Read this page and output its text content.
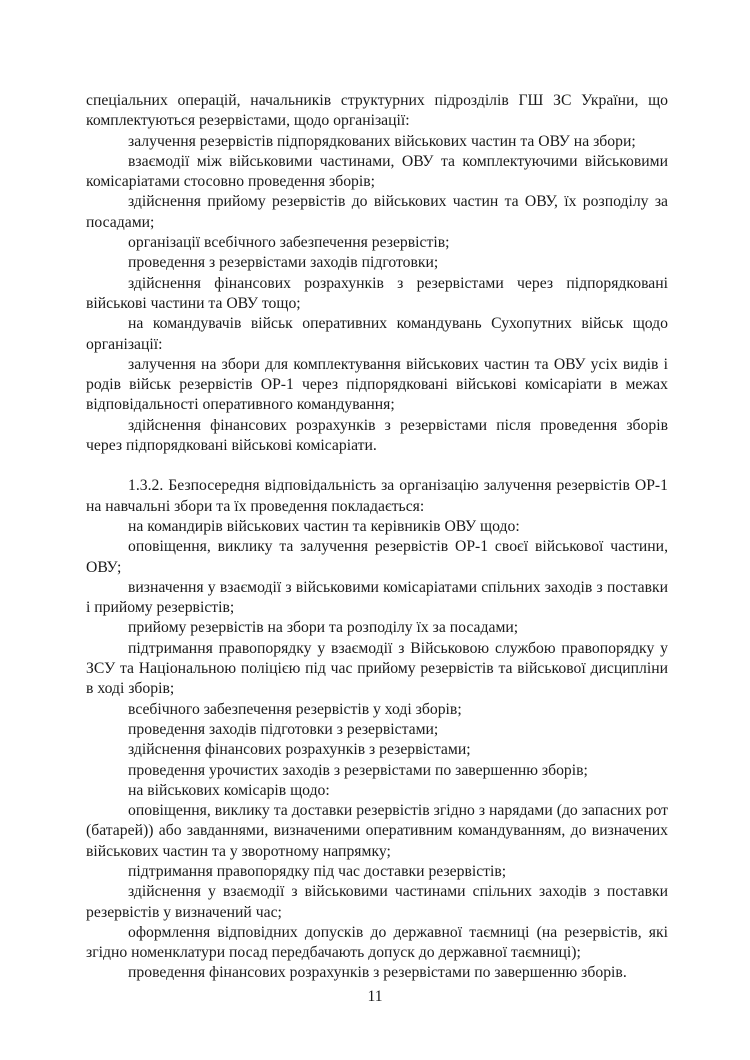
спеціальних операцій, начальників структурних підрозділів ГШ ЗС України, що комплектуються резервістами, щодо організації:

залучення резервістів підпорядкованих військових частин та ОВУ на збори;

взаємодії між військовими частинами, ОВУ та комплектуючими військовими комісаріатами стосовно проведення зборів;

здійснення прийому резервістів до військових частин та ОВУ, їх розподілу за посадами;

організації всебічного забезпечення резервістів;

проведення з резервістами заходів підготовки;

здійснення фінансових розрахунків з резервістами через підпорядковані військові частини та ОВУ тощо;

на командувачів військ оперативних командувань Сухопутних військ щодо організації:

залучення на збори для комплектування військових частин та ОВУ усіх видів і родів військ резервістів ОР-1 через підпорядковані військові комісаріати в межах відповідальності оперативного командування;

здійснення фінансових розрахунків з резервістами після проведення зборів через підпорядковані військові комісаріати.

1.3.2. Безпосередня відповідальність за організацію залучення резервістів ОР-1 на навчальні збори та їх проведення покладається:

на командирів військових частин та керівників ОВУ щодо:

оповіщення, виклику та залучення резервістів ОР-1 своєї військової частини, ОВУ;

визначення у взаємодії з військовими комісаріатами спільних заходів з поставки і прийому резервістів;

прийому резервістів на збори та розподілу їх за посадами;

підтримання правопорядку у взаємодії з Військовою службою правопорядку у ЗСУ та Національною поліцією під час прийому резервістів та військової дисципліни в ході зборів;

всебічного забезпечення резервістів у ході зборів;

проведення заходів підготовки з резервістами;

здійснення фінансових розрахунків з резервістами;

проведення урочистих заходів з резервістами по завершенню зборів;

на військових комісарів щодо:

оповіщення, виклику та доставки резервістів згідно з нарядами (до запасних рот (батарей)) або завданнями, визначеними оперативним командуванням, до визначених військових частин та у зворотному напрямку;

підтримання правопорядку під час доставки резервістів;

здійснення у взаємодії з військовими частинами спільних заходів з поставки резервістів у визначений час;

оформлення відповідних допусків до державної таємниці (на резервістів, які згідно номенклатури посад передбачають допуск до державної таємниці);

проведення фінансових розрахунків з резервістами по завершенню зборів.

11
